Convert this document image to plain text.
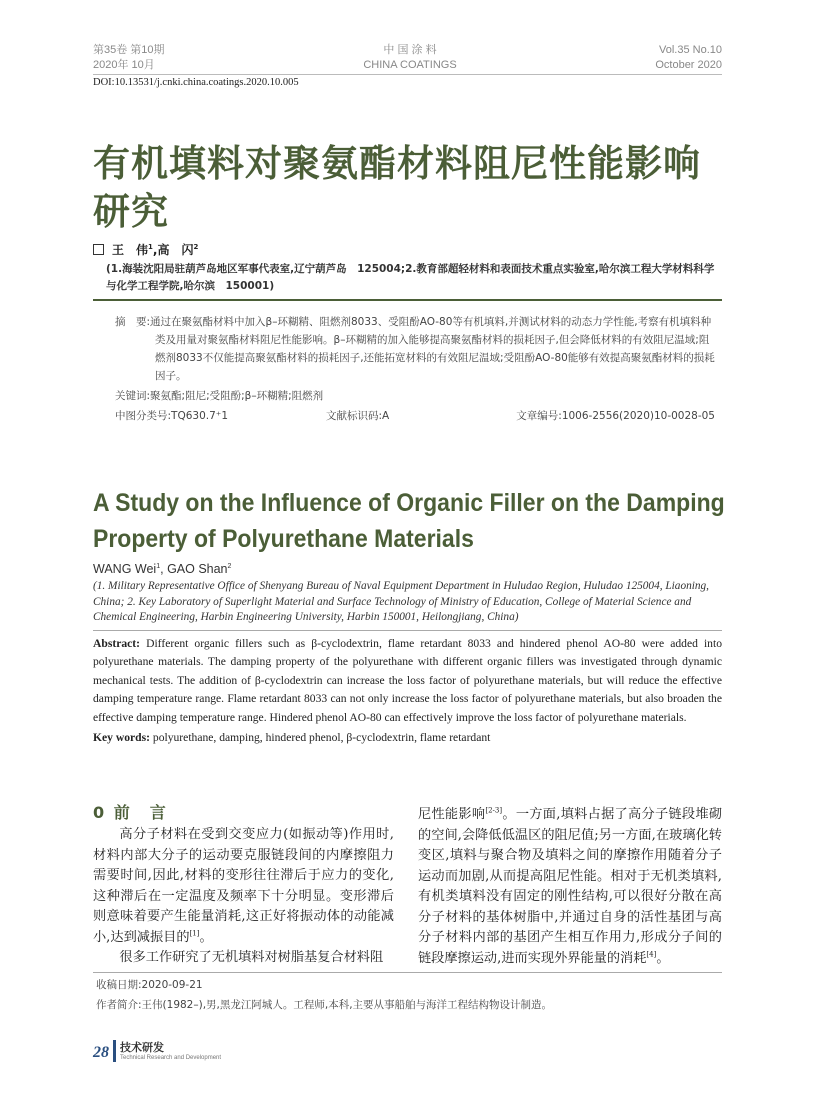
第35卷 第10期
2020年 10月
中 国 涂 料
CHINA COATINGS
Vol.35 No.10
October 2020
DOI:10.13531/j.cnki.china.coatings.2020.10.005
有机填料对聚氨酯材料阻尼性能影响
研究
王　伟$^1$,高　闪$^2$
(1.海装沈阳局驻葫芦岛地区军事代表室,辽宁葫芦岛　125004;2.教育部超轻材料和表面技术重点实验室,哈尔滨工程大学材料科学与化学工程学院,哈尔滨　150001)
摘　要:通过在聚氨酯材料中加入β–环糊精、阻燃剂8033、受阻酚AO-80等有机填料,并测试材料的动态力学性能,考察有机填料种类及用量对聚氨酯材料阻尼性能影响。β–环糊精的加入能够提高聚氨酯材料的损耗因子,但会降低材料的有效阻尼温域;阻燃剂8033不仅能提高聚氨酯材料的损耗因子,还能拓宽材料的有效阻尼温域;受阻酚AO-80能够有效提高聚氨酯材料的损耗因子。
关键词:聚氨酯;阻尼;受阻酚;β–环糊精;阻燃剂
中图分类号:TQ630.7⁺1	文献标识码:A	文章编号:1006-2556(2020)10-0028-05
A Study on the Influence of Organic Filler on the Damping
Property of Polyurethane Materials
WANG Wei$^1$, GAO Shan$^2$
(1. Military Representative Office of Shenyang Bureau of Naval Equipment Department in Huludao Region, Huludao 125004, Liaoning, China; 2. Key Laboratory of Superlight Material and Surface Technology of Ministry of Education, College of Material Science and Chemical Engineering, Harbin Engineering University, Harbin 150001, Heilongjiang, China)
Abstract: Different organic fillers such as β-cyclodextrin, flame retardant 8033 and hindered phenol AO-80 were added into polyurethane materials. The damping property of the polyurethane with different organic fillers was investigated through dynamic mechanical tests. The addition of β-cyclodextrin can increase the loss factor of polyurethane materials, but will reduce the effective damping temperature range. Flame retardant 8033 can not only increase the loss factor of polyurethane materials, but also broaden the effective damping temperature range. Hindered phenol AO-80 can effectively improve the loss factor of polyurethane materials.
Key words: polyurethane, damping, hindered phenol, β-cyclodextrin, flame retardant
0 前　言

高分子材料在受到交变应力(如振动等)作用时,材料内部大分子的运动要克服链段间的内摩擦阻力需要时间,因此,材料的变形往往滞后于应力的变化,这种滞后在一定温度及频率下十分明显。变形滞后则意味着要产生能量消耗,这正好将振动体的动能减小,达到减振目的[1]。

很多工作研究了无机填料对树脂基复合材料阻

尼性能影响[2-3]。一方面,填料占据了高分子链段堆砌的空间,会降低低温区的阻尼值;另一方面,在玻璃化转变区,填料与聚合物及填料之间的摩擦作用随着分子运动而加剧,从而提高阻尼性能。相对于无机类填料,有机类填料没有固定的刚性结构,可以很好分散在高分子材料的基体树脂中,并通过自身的活性基团与高分子材料内部的基团产生相互作用力,形成分子间的链段摩擦运动,进而实现外界能量的消耗[4]。

收稿日期:2020-09-21
作者简介:王伟(1982–),男,黑龙江阿城人。工程师,本科,主要从事船舶与海洋工程结构物设计制造。
28 技术研发
Technical Research and Development
